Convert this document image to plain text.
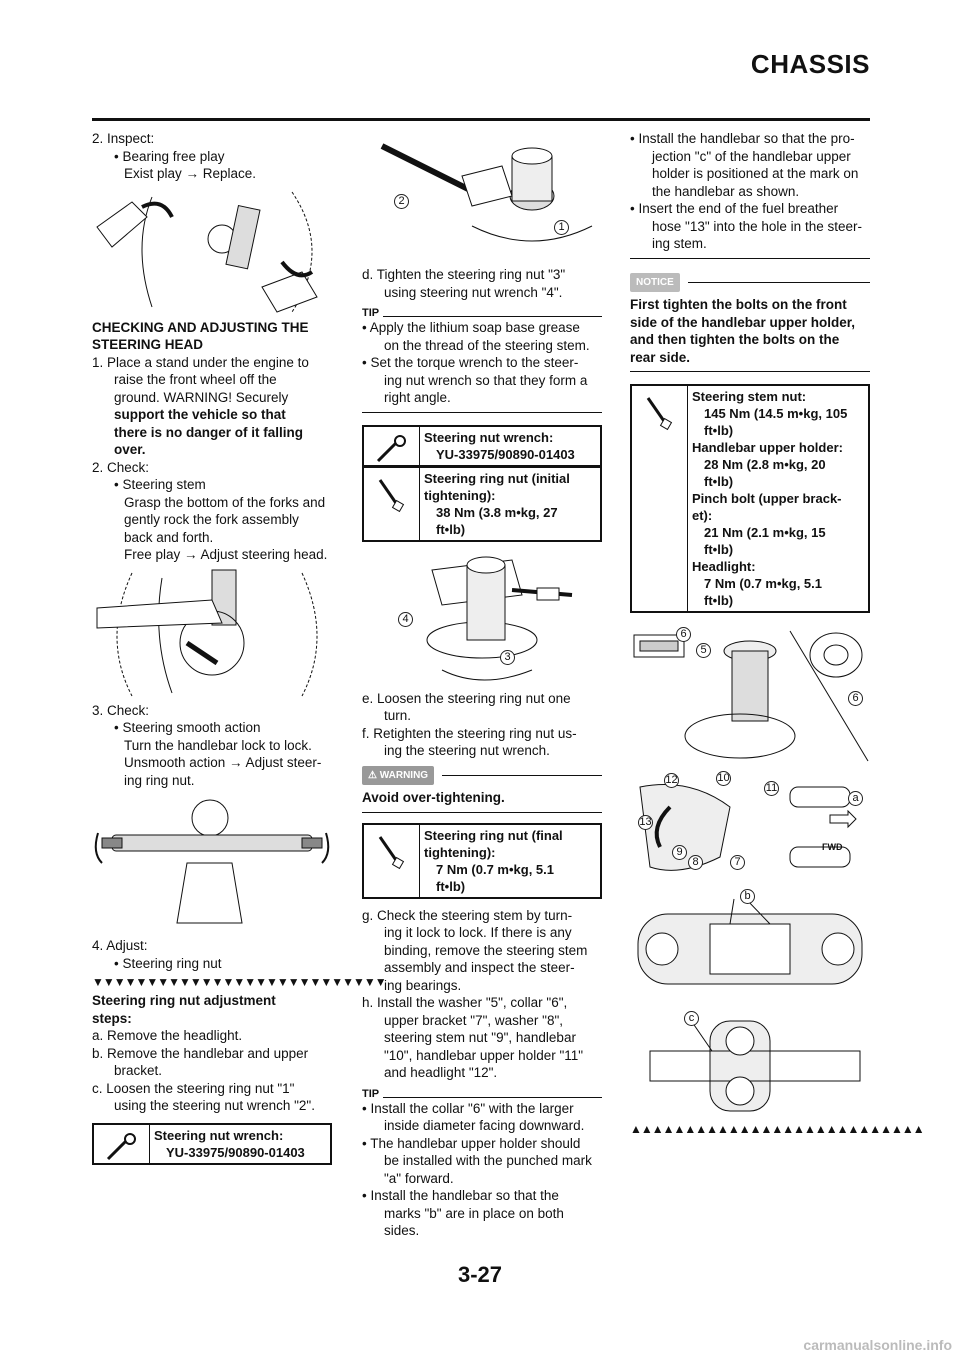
CHASSIS
2. Inspect:
• Bearing free play
Exist play → Replace.
CHECKING AND ADJUSTING THE
STEERING HEAD
1. Place a stand under the engine to
raise the front wheel off the
ground. WARNING! Securely
support the vehicle so that
there is no danger of it falling
over.
2. Check:
• Steering stem
Grasp the bottom of the forks and
gently rock the fork assembly
back and forth.
Free play → Adjust steering head.
3. Check:
• Steering smooth action
Turn the handlebar lock to lock.
Unsmooth action → Adjust steer-
ing ring nut.
4. Adjust:
• Steering ring nut
▼▼▼▼▼▼▼▼▼▼▼▼▼▼▼▼▼▼▼▼▼▼▼▼▼▼▼
Steering ring nut adjustment
steps:
a. Remove the headlight.
b. Remove the handlebar and upper
bracket.
c. Loosen the steering ring nut "1"
using the steering nut wrench "2".
Steering nut wrench:
YU-33975/90890-01403
2
1
d. Tighten the steering ring nut "3"
using steering nut wrench "4".
TIP
• Apply the lithium soap base grease
on the thread of the steering stem.
• Set the torque wrench to the steer-
ing nut wrench so that they form a
right angle.
Steering nut wrench:
YU-33975/90890-01403
Steering ring nut (initial
tightening):
38 Nm (3.8 m•kg, 27
ft•lb)
4
3
e. Loosen the steering ring nut one
turn.
f. Retighten the steering ring nut us-
ing the steering nut wrench.
⚠ WARNING
Avoid over-tightening.
Steering ring nut (final
tightening):
7 Nm (0.7 m•kg, 5.1
ft•lb)
g. Check the steering stem by turn-
ing it lock to lock. If there is any
binding, remove the steering stem
assembly and inspect the steer-
ing bearings.
h. Install the washer "5", collar "6",
upper bracket "7", washer "8",
steering stem nut "9", handlebar
"10", handlebar upper holder "11"
and headlight "12".
TIP
• Install the collar "6" with the larger
inside diameter facing downward.
• The handlebar upper holder should
be installed with the punched mark
"a" forward.
• Install the handlebar so that the
marks "b" are in place on both
sides.
• Install the handlebar so that the pro-
jection "c" of the handlebar upper
holder is positioned at the mark on
the handlebar as shown.
• Insert the end of the fuel breather
hose "13" into the hole in the steer-
ing stem.
NOTICE
First tighten the bolts on the front
side of the handlebar upper holder,
and then tighten the bolts on the
rear side.
Steering stem nut:
145 Nm (14.5 m•kg, 105
ft•lb)
Handlebar upper holder:
28 Nm (2.8 m•kg, 20
ft•lb)
Pinch bolt (upper brack-
et):
21 Nm (2.1 m•kg, 15
ft•lb)
Headlight:
7 Nm (0.7 m•kg, 5.1
ft•lb)
6
5
6
12	10
11
a
13
9
8	7
FWD
b
c
▲▲▲▲▲▲▲▲▲▲▲▲▲▲▲▲▲▲▲▲▲▲▲▲▲▲▲
3-27
carmanualsonline.info
